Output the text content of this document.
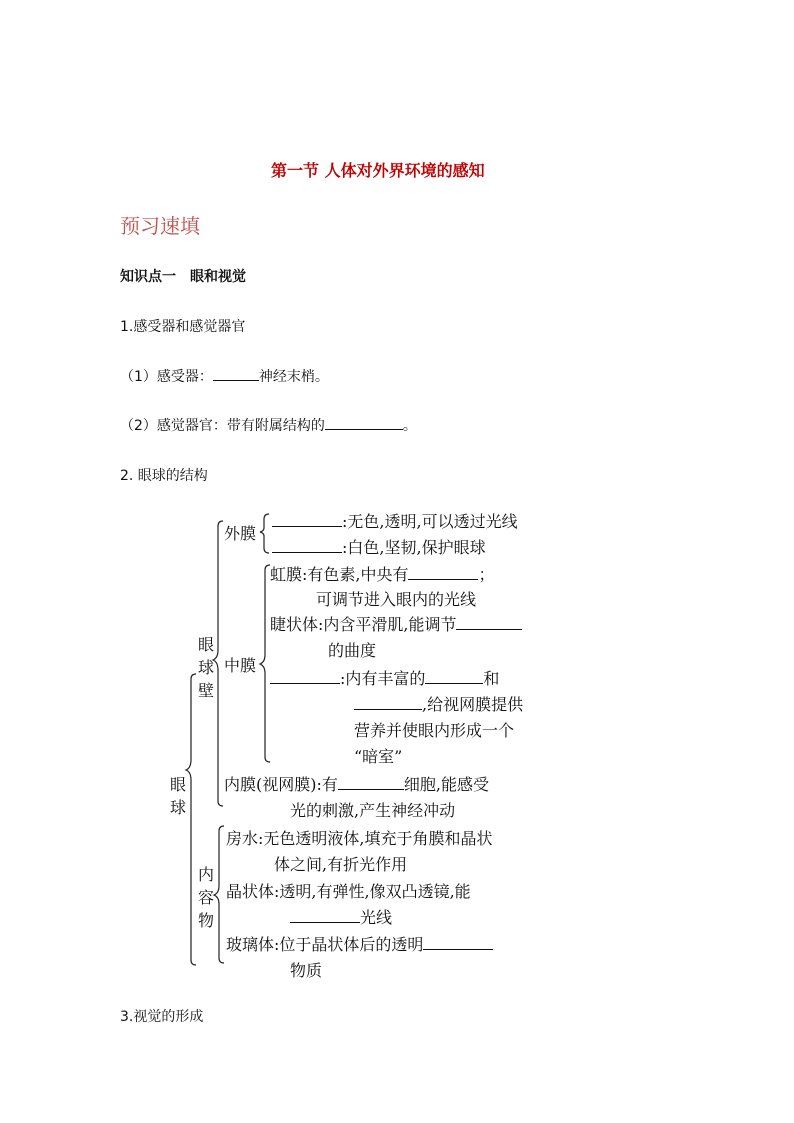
第一节 人体对外界环境的感知
预习速填
知识点一　眼和视觉
1.感受器和感觉器官
（1）感受器：	神经末梢。
（2）感觉器官：带有附属结构的	。
2. 眼球的结构
眼
球
眼
球
壁
内
容
物
外膜
:无色,透明,可以透过光线
:白色,坚韧,保护眼球
中膜
虹膜:有色素,中央有	；
可调节进入眼内的光线
睫状体:内含平滑肌,能调节
的曲度
:内有丰富的	和
,给视网膜提供
营养并使眼内形成一个
“暗室”
内膜(视网膜):有	细胞,能感受
光的刺激,产生神经冲动
房水:无色透明液体,填充于角膜和晶状
体之间,有折光作用
晶状体:透明,有弹性,像双凸透镜,能
光线
玻璃体:位于晶状体后的透明
物质
3.视觉的形成
